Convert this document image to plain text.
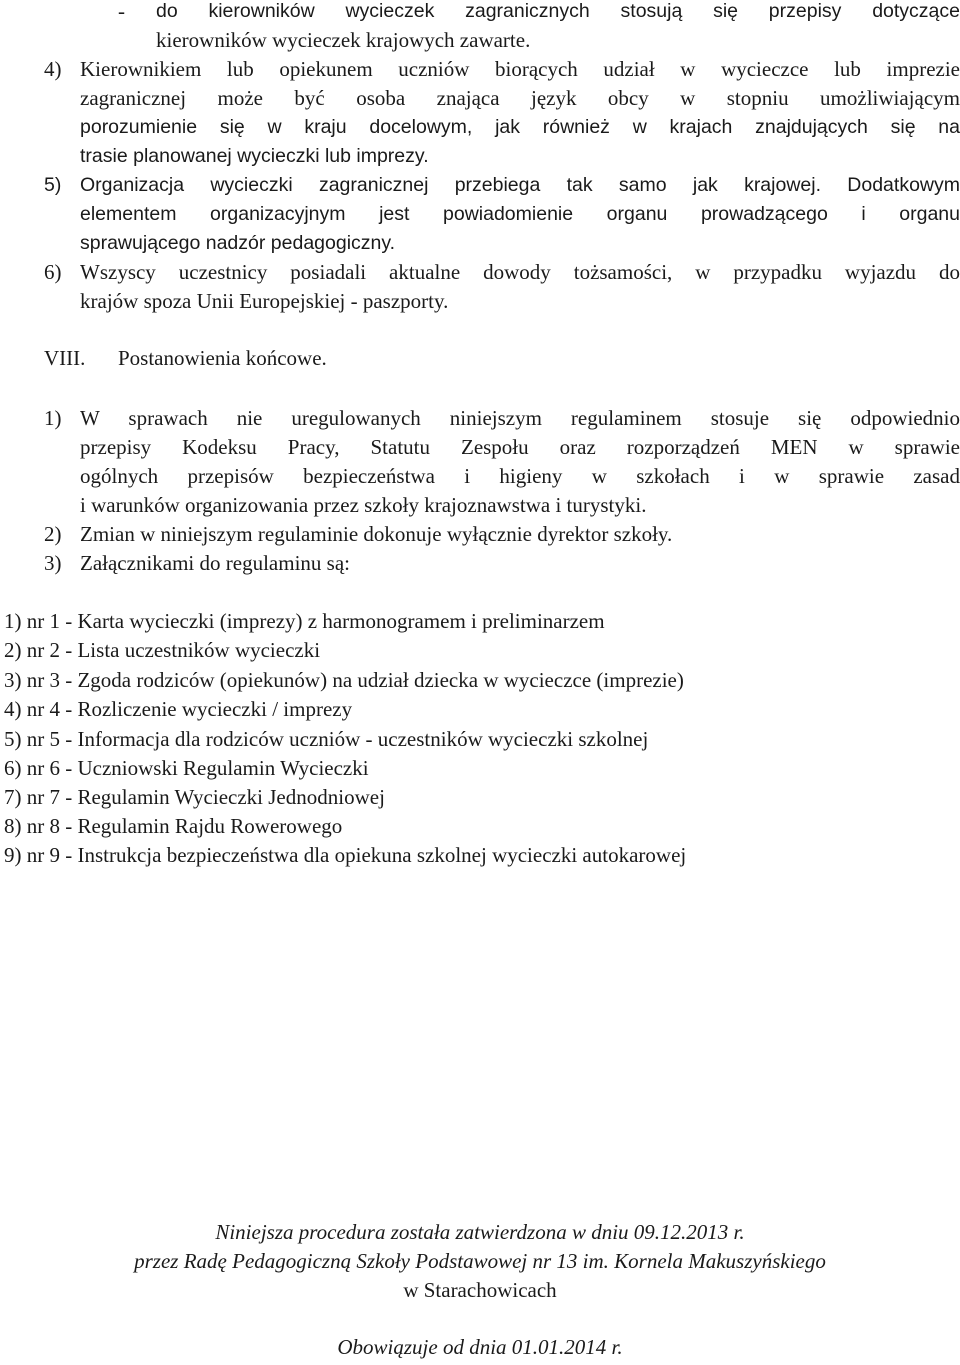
- do kierowników wycieczek zagranicznych stosują się przepisy dotyczące
kierowników wycieczek krajowych zawarte.
4) Kierownikiem lub opiekunem uczniów biorących udział w wycieczce lub imprezie
zagranicznej może być osoba znająca język obcy w stopniu umożliwiającym
porozumienie się w kraju docelowym, jak również w krajach znajdujących się na
trasie planowanej wycieczki lub imprezy.
5) Organizacja wycieczki zagranicznej przebiega tak samo jak krajowej. Dodatkowym
elementem organizacyjnym jest powiadomienie organu prowadzącego i organu
sprawującego nadzór pedagogiczny.
6) Wszyscy uczestnicy posiadali aktualne dowody tożsamości, w przypadku wyjazdu do
krajów spoza Unii Europejskiej - paszporty.
VIII. Postanowienia końcowe.
1) W sprawach nie uregulowanych niniejszym regulaminem stosuje się odpowiednio
przepisy Kodeksu Pracy, Statutu Zespołu oraz rozporządzeń MEN w sprawie
ogólnych przepisów bezpieczeństwa i higieny w szkołach i w sprawie zasad
i warunków organizowania przez szkoły krajoznawstwa i turystyki.
2) Zmian w niniejszym regulaminie dokonuje wyłącznie dyrektor szkoły.
3) Załącznikami do regulaminu są:
1) nr 1 - Karta wycieczki (imprezy) z harmonogramem i preliminarzem
2) nr 2 - Lista uczestników wycieczki
3) nr 3 - Zgoda rodziców (opiekunów) na udział dziecka w wycieczce (imprezie)
4) nr 4 - Rozliczenie wycieczki / imprezy
5) nr 5 - Informacja dla rodziców uczniów - uczestników wycieczki szkolnej
6) nr 6 - Uczniowski Regulamin Wycieczki
7) nr 7 - Regulamin Wycieczki Jednodniowej
8) nr 8 - Regulamin Rajdu Rowerowego
9) nr 9 - Instrukcja bezpieczeństwa dla opiekuna szkolnej wycieczki autokarowej
Niniejsza procedura została zatwierdzona w dniu 09.12.2013 r.
przez Radę Pedagogiczną Szkoły Podstawowej nr 13 im. Kornela Makuszyńskiego
w Starachowicach
Obowiązuje od dnia 01.01.2014 r.
